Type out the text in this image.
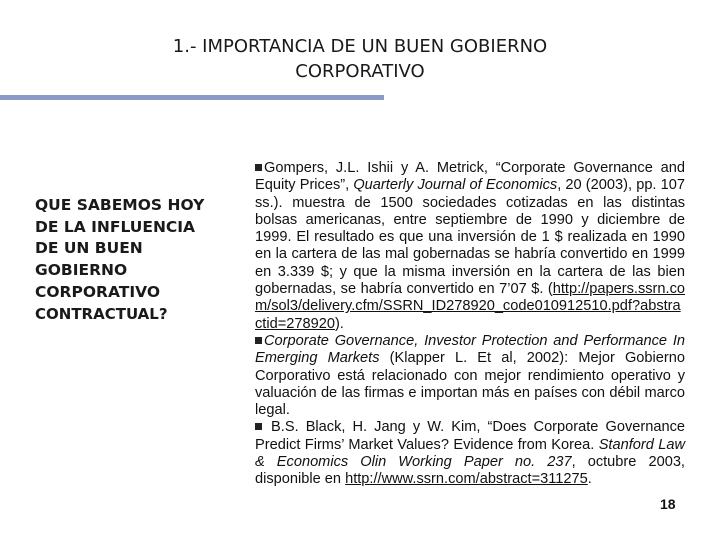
1.- IMPORTANCIA DE UN BUEN GOBIERNO
CORPORATIVO
QUE SABEMOS HOY
DE LA INFLUENCIA
DE UN BUEN
GOBIERNO
CORPORATIVO
CONTRACTUAL?

Gompers, J.L. Ishii y A. Metrick, “Corporate Governance and Equity Prices”, Quarterly Journal of Economics, 20 (2003), pp. 107 ss.). muestra de 1500 sociedades cotizadas en las distintas bolsas americanas, entre septiembre de 1990 y diciembre de 1999. El resultado es que una inversión de 1 $ realizada en 1990 en la cartera de las mal gobernadas se habría convertido en 1999 en 3.339 $; y que la misma inversión en la cartera de las bien gobernadas, se habría convertido en 7’07 $. (http://papers.ssrn.com/sol3/delivery.cfm/SSRN_ID278920_code010912510.pdf?abstractid=278920).

Corporate Governance, Investor Protection and Performance In Emerging Markets (Klapper L. Et al, 2002): Mejor Gobierno Corporativo está relacionado con mejor rendimiento operativo y valuación de las firmas e importan más en países con débil marco legal.

B.S. Black, H. Jang y W. Kim, “Does Corporate Governance Predict Firms’ Market Values? Evidence from Korea. Stanford Law & Economics Olin Working Paper no. 237, octubre 2003, disponible en http://www.ssrn.com/abstract=311275.

18
